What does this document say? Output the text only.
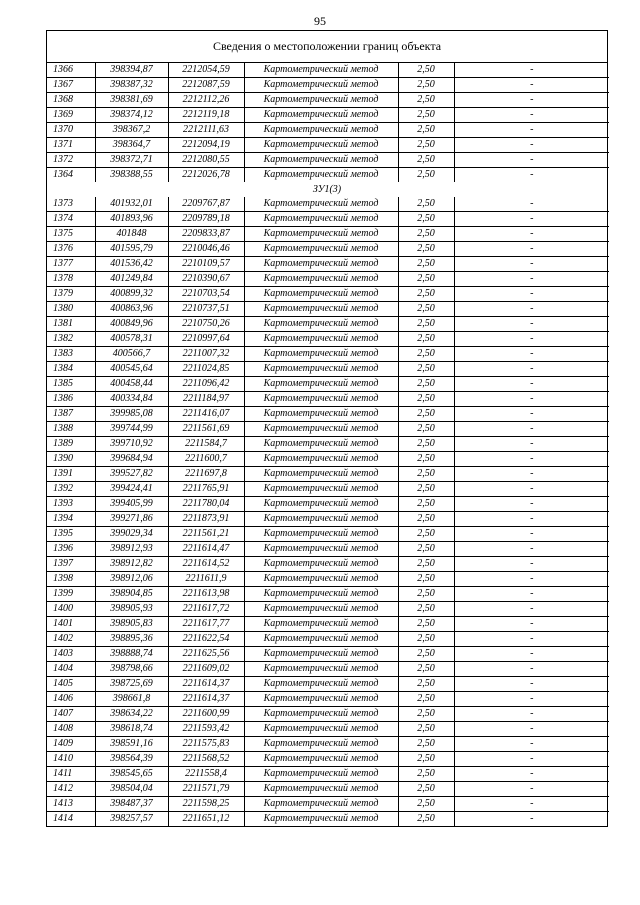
95
Сведения о местоположении границ объекта
1366	398394,87	2212054,59	Картометрический метод	2,50	-
1367	398387,32	2212087,59	Картометрический метод	2,50	-
1368	398381,69	2212112,26	Картометрический метод	2,50	-
1369	398374,12	2212119,18	Картометрический метод	2,50	-
1370	398367,2	2212111,63	Картометрический метод	2,50	-
1371	398364,7	2212094,19	Картометрический метод	2,50	-
1372	398372,71	2212080,55	Картометрический метод	2,50	-
1364	398388,55	2212026,78	Картометрический метод	2,50	-
ЗУ1(3)					
1373	401932,01	2209767,87	Картометрический метод	2,50	-
1374	401893,96	2209789,18	Картометрический метод	2,50	-
1375	401848	2209833,87	Картометрический метод	2,50	-
1376	401595,79	2210046,46	Картометрический метод	2,50	-
1377	401536,42	2210109,57	Картометрический метод	2,50	-
1378	401249,84	2210390,67	Картометрический метод	2,50	-
1379	400899,32	2210703,54	Картометрический метод	2,50	-
1380	400863,96	2210737,51	Картометрический метод	2,50	-
1381	400849,96	2210750,26	Картометрический метод	2,50	-
1382	400578,31	2210997,64	Картометрический метод	2,50	-
1383	400566,7	2211007,32	Картометрический метод	2,50	-
1384	400545,64	2211024,85	Картометрический метод	2,50	-
1385	400458,44	2211096,42	Картометрический метод	2,50	-
1386	400334,84	2211184,97	Картометрический метод	2,50	-
1387	399985,08	2211416,07	Картометрический метод	2,50	-
1388	399744,99	2211561,69	Картометрический метод	2,50	-
1389	399710,92	2211584,7	Картометрический метод	2,50	-
1390	399684,94	2211600,7	Картометрический метод	2,50	-
1391	399527,82	2211697,8	Картометрический метод	2,50	-
1392	399424,41	2211765,91	Картометрический метод	2,50	-
1393	399405,99	2211780,04	Картометрический метод	2,50	-
1394	399271,86	2211873,91	Картометрический метод	2,50	-
1395	399029,34	2211561,21	Картометрический метод	2,50	-
1396	398912,93	2211614,47	Картометрический метод	2,50	-
1397	398912,82	2211614,52	Картометрический метод	2,50	-
1398	398912,06	2211611,9	Картометрический метод	2,50	-
1399	398904,85	2211613,98	Картометрический метод	2,50	-
1400	398905,93	2211617,72	Картометрический метод	2,50	-
1401	398905,83	2211617,77	Картометрический метод	2,50	-
1402	398895,36	2211622,54	Картометрический метод	2,50	-
1403	398888,74	2211625,56	Картометрический метод	2,50	-
1404	398798,66	2211609,02	Картометрический метод	2,50	-
1405	398725,69	2211614,37	Картометрический метод	2,50	-
1406	398661,8	2211614,37	Картометрический метод	2,50	-
1407	398634,22	2211600,99	Картометрический метод	2,50	-
1408	398618,74	2211593,42	Картометрический метод	2,50	-
1409	398591,16	2211575,83	Картометрический метод	2,50	-
1410	398564,39	2211568,52	Картометрический метод	2,50	-
1411	398545,65	2211558,4	Картометрический метод	2,50	-
1412	398504,04	2211571,79	Картометрический метод	2,50	-
1413	398487,37	2211598,25	Картометрический метод	2,50	-
1414	398257,57	2211651,12	Картометрический метод	2,50	-
